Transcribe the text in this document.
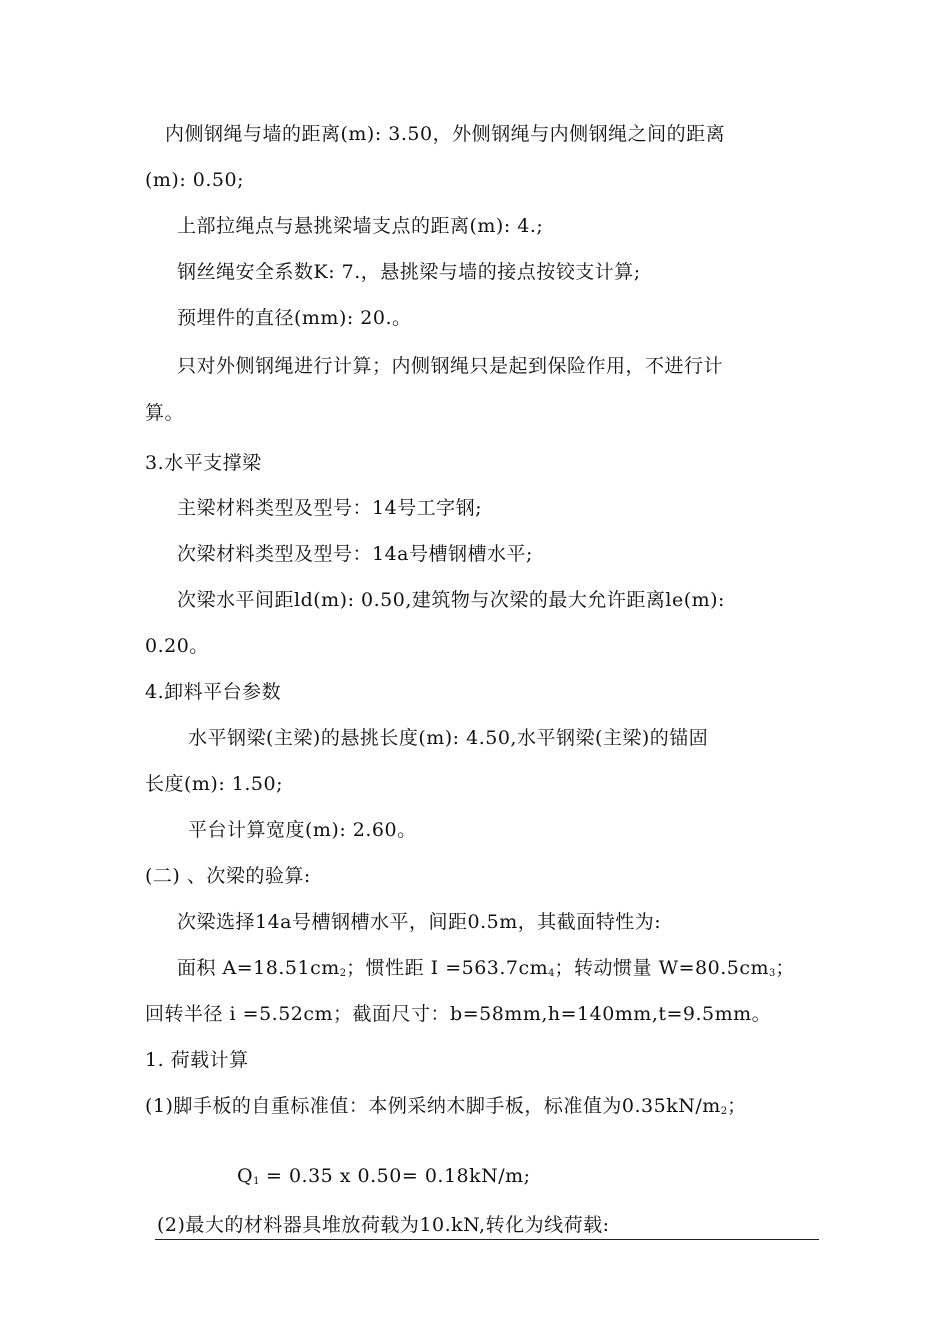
内侧钢绳与墙的距离(m): 3.50，外侧钢绳与内侧钢绳之间的距离
(m): 0.50;
上部拉绳点与悬挑梁墙支点的距离(m): 4.;
钢丝绳安全系数K: 7.，悬挑梁与墙的接点按铰支计算;
预埋件的直径(mm): 20.。
只对外侧钢绳进行计算；内侧钢绳只是起到保险作用，不进行计
算。
3.水平支撑梁
主梁材料类型及型号：14号工字钢;
次梁材料类型及型号：14a号槽钢槽水平;
次梁水平间距ld(m): 0.50,建筑物与次梁的最大允许距离le(m):
0.20。
4.卸料平台参数
水平钢梁(主梁)的悬挑长度(m): 4.50,水平钢梁(主梁)的锚固
长度(m): 1.50;
平台计算宽度(m): 2.60。
(二) 、次梁的验算:
次梁选择14a号槽钢槽水平，间距0.5m，其截面特性为:
面积 $A=18.51cm_2$；惯性距 $I =563.7cm_4$；转动惯量 $W=80.5cm_3$；
回转半径 i =5.52cm；截面尺寸：b=58mm,h=140mm,t=9.5mm。
1. 荷载计算
(1)脚手板的自重标准值：本例采纳木脚手板，标准值为$0.35kN/m_2$；
$Q_1 = 0.35$ x 0.50= 0.18kN/m;
(2)最大的材料器具堆放荷载为10.kN,转化为线荷载:
